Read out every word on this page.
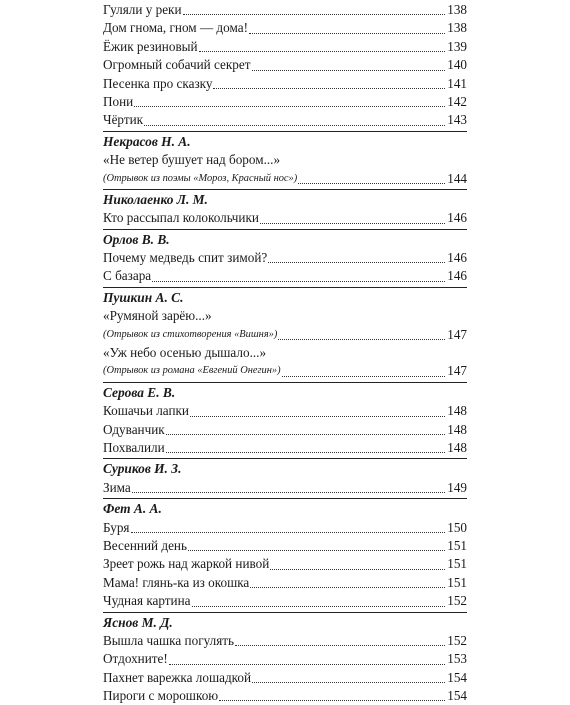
Гуляли у реки	138
Дом гнома, гном — дома!	138
Ёжик резиновый	139
Огромный собачий секрет	140
Песенка про сказку	141
Пони	142
Чёртик	143
Некрасов Н. А.
«Не ветер бушует над бором...»
(Отрывок из поэмы «Мороз, Красный нос»)	144
Николаенко Л. М.
Кто рассыпал колокольчики	146
Орлов В. В.
Почему медведь спит зимой?	146
С базара	146
Пушкин А. С.
«Румяной зарёю...»
(Отрывок из стихотворения «Вишня»)	147
«Уж небо осенью дышало...»
(Отрывок из романа «Евгений Онегин»)	147
Серова Е. В.
Кошачьи лапки	148
Одуванчик	148
Похвалили	148
Суриков И. З.
Зима	149
Фет А. А.
Буря	150
Весенний день	151
Зреет рожь над жаркой нивой	151
Мама! глянь-ка из окошка	151
Чудная картина	152
Яснов М. Д.
Вышла чашка погулять	152
Отдохните!	153
Пахнет варежка лошадкой	154
Пироги с морошкою	154
